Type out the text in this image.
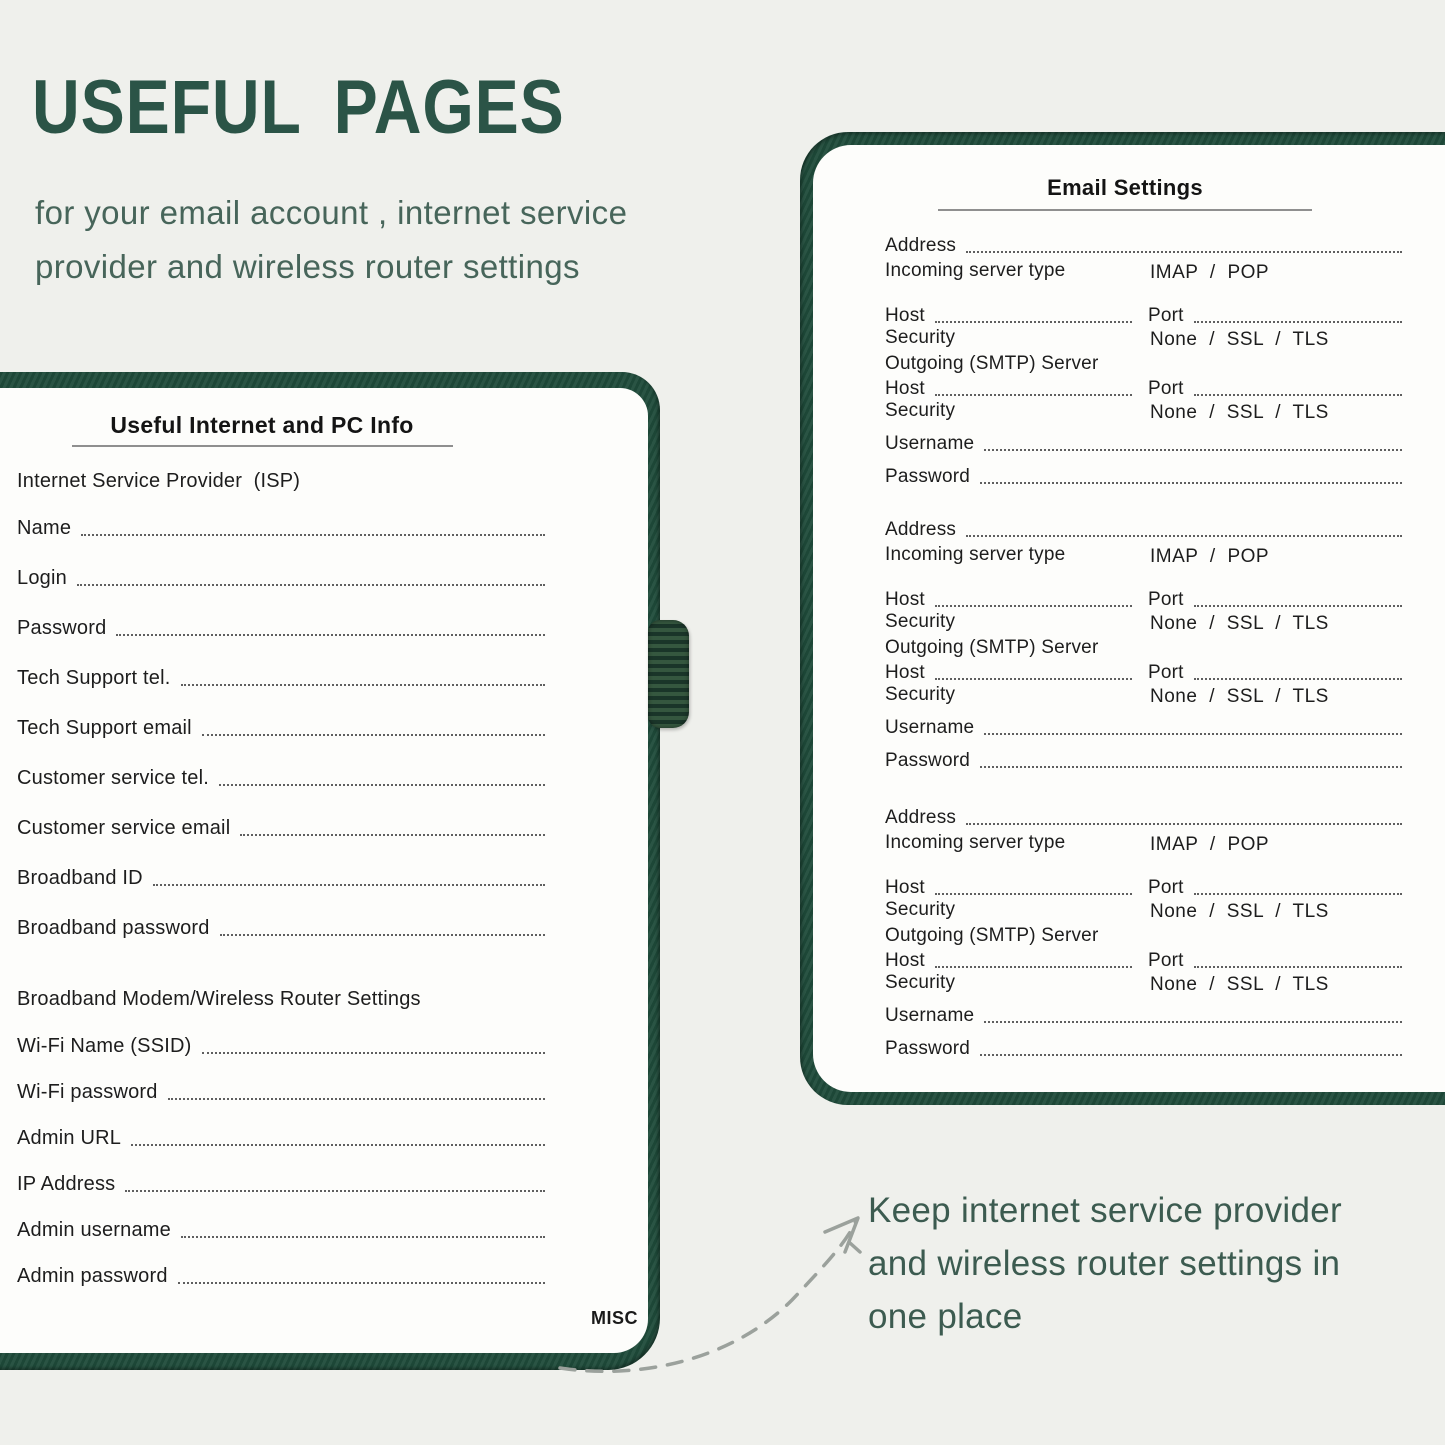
USEFUL PAGES
for your email account , internet service
provider and wireless router settings
Useful Internet and PC Info
Internet Service Provider  (ISP)
Name
Login
Password
Tech Support tel.
Tech Support email
Customer service tel.
Customer service email
Broadband ID
Broadband password
Broadband Modem/Wireless Router Settings
Wi-Fi Name (SSID)
Wi-Fi password
Admin URL
IP Address
Admin username
Admin password
MISC
Email Settings
Address
Incoming server type	IMAP / POP
Host	Port
Security	None / SSL / TLS
Outgoing (SMTP) Server
Host	Port
Security	None / SSL / TLS
Username
Password
Address
Incoming server type	IMAP / POP
Host	Port
Security	None / SSL / TLS
Outgoing (SMTP) Server
Host	Port
Security	None / SSL / TLS
Username
Password
Address
Incoming server type	IMAP / POP
Host	Port
Security	None / SSL / TLS
Outgoing (SMTP) Server
Host	Port
Security	None / SSL / TLS
Username
Password
Keep internet service provider
and wireless router settings in
one place
